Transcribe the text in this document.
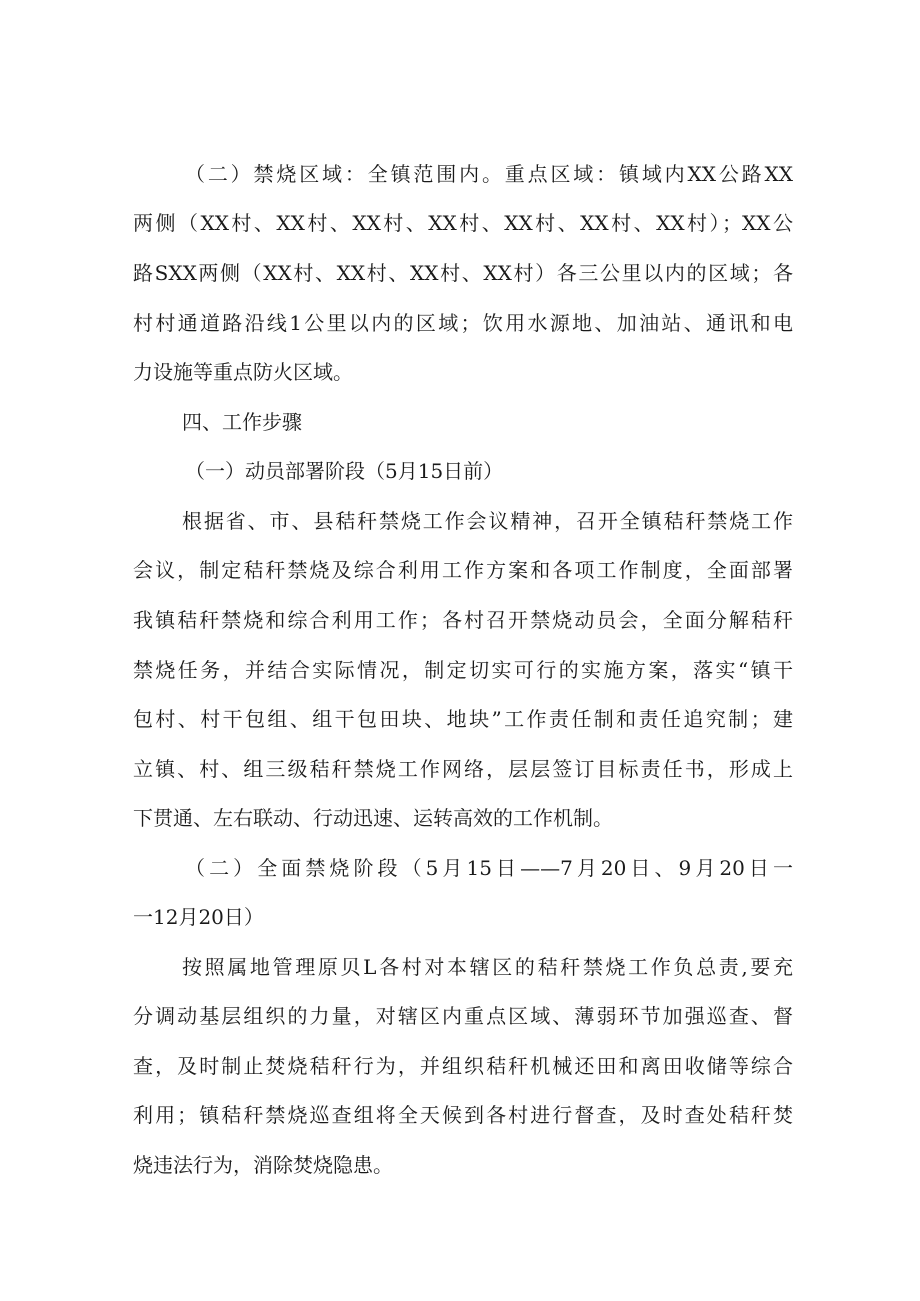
（二）禁烧区域：全镇范围内。重点区域：镇域内XX公路XX
两侧（XX村、XX村、XX村、XX村、XX村、XX村、XX村）；XX公
路SXX两侧（XX村、XX村、XX村、XX村）各三公里以内的区域；各
村村通道路沿线1公里以内的区域；饮用水源地、加油站、通讯和电
力设施等重点防火区域。
四、工作步骤
（一）动员部署阶段（5月15日前）
根据省、市、县秸秆禁烧工作会议精神，召开全镇秸秆禁烧工作
会议，制定秸秆禁烧及综合利用工作方案和各项工作制度，全面部署
我镇秸秆禁烧和综合利用工作；各村召开禁烧动员会，全面分解秸秆
禁烧任务，并结合实际情况，制定切实可行的实施方案，落实“镇干
包村、村干包组、组干包田块、地块”工作责任制和责任追究制；建
立镇、村、组三级秸秆禁烧工作网络，层层签订目标责任书，形成上
下贯通、左右联动、行动迅速、运转高效的工作机制。
（二）全面禁烧阶段（5月15日——7月20日、9月20日一
一12月20日）
按照属地管理原贝L各村对本辖区的秸秆禁烧工作负总责,要充
分调动基层组织的力量，对辖区内重点区域、薄弱环节加强巡查、督
查，及时制止焚烧秸秆行为，并组织秸秆机械还田和离田收储等综合
利用；镇秸秆禁烧巡查组将全天候到各村进行督查，及时查处秸秆焚
烧违法行为，消除焚烧隐患。
